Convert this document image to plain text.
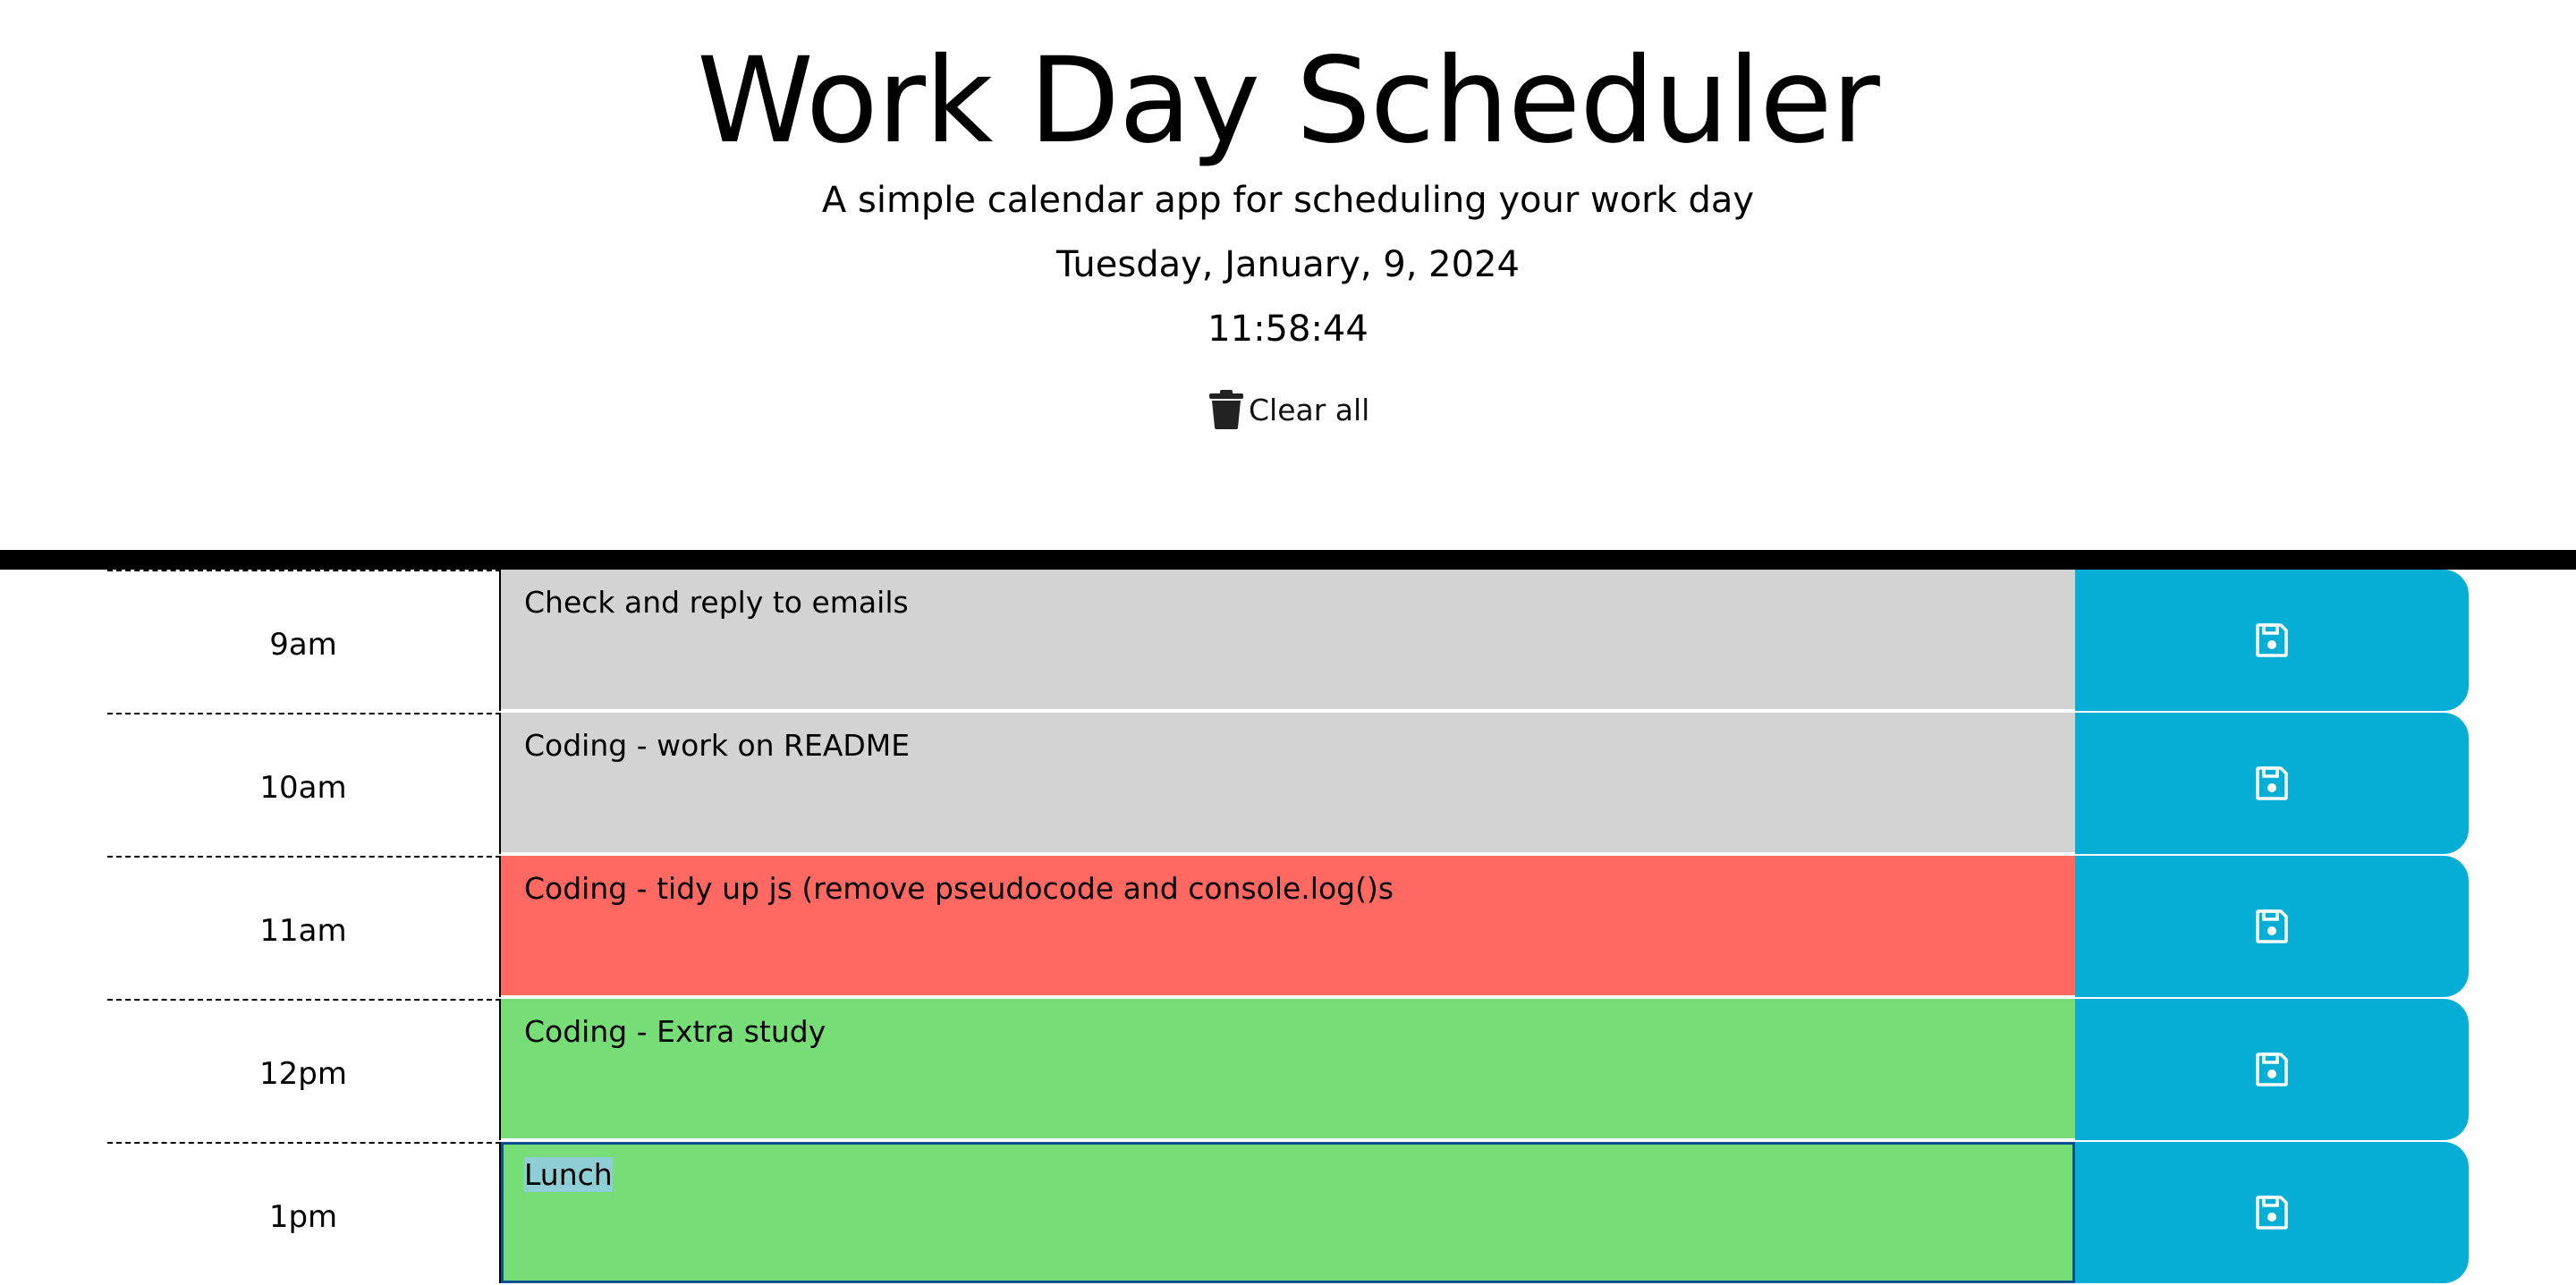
Work Day Scheduler

A simple calendar app for scheduling your work day

Tuesday, January, 9, 2024

11:58:44

Clear all
9am
Check and reply to emails
10am
Coding - work on README
11am
Coding - tidy up js (remove pseudocode and console.log()s
12pm
Coding - Extra study
1pm
Lunch
